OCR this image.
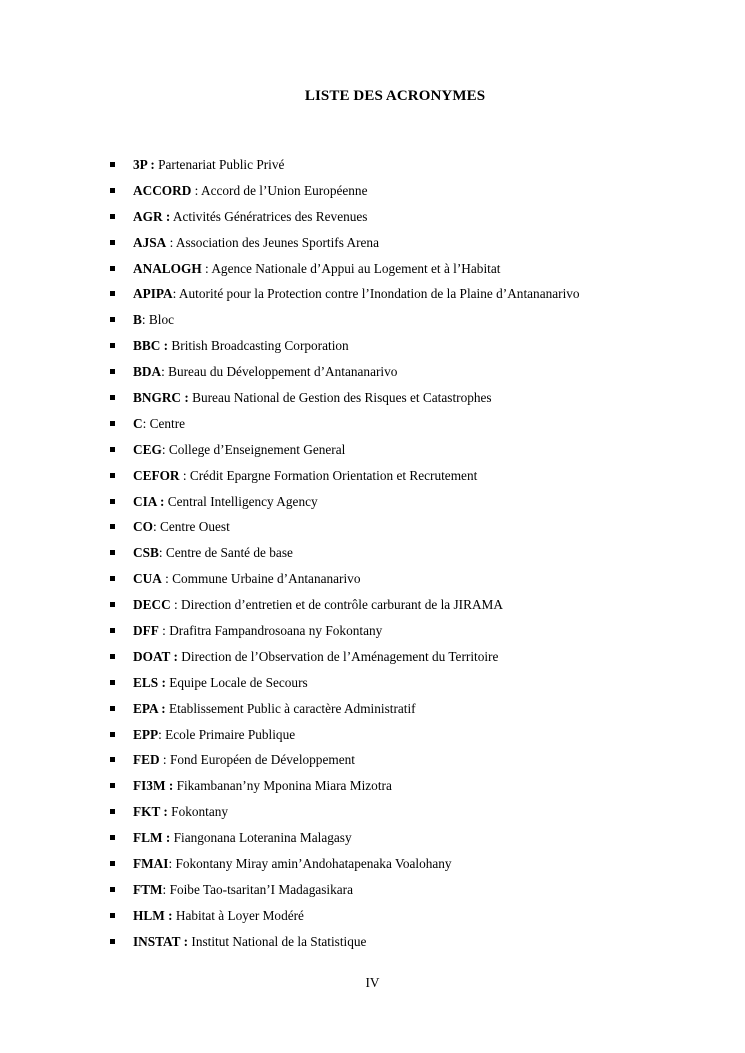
LISTE DES ACRONYMES
3P : Partenariat Public Privé
ACCORD : Accord de l’Union Européenne
AGR : Activités Génératrices des Revenues
AJSA : Association des Jeunes Sportifs Arena
ANALOGH : Agence Nationale d’Appui au Logement et à l’Habitat
APIPA: Autorité pour la Protection contre l’Inondation de la Plaine d’Antananarivo
B: Bloc
BBC : British Broadcasting Corporation
BDA: Bureau du Développement d’Antananarivo
BNGRC : Bureau National de Gestion des Risques et Catastrophes
C: Centre
CEG: College d’Enseignement General
CEFOR : Crédit Epargne Formation Orientation et Recrutement
CIA : Central Intelligency Agency
CO: Centre Ouest
CSB: Centre de Santé de base
CUA : Commune Urbaine d’Antananarivo
DECC : Direction d’entretien et de contrôle carburant de la JIRAMA
DFF : Drafitra Fampandrosoana ny Fokontany
DOAT : Direction de l’Observation de l’Aménagement du Territoire
ELS : Equipe Locale de Secours
EPA : Etablissement Public à caractère Administratif
EPP: Ecole Primaire Publique
FED : Fond Européen de Développement
FI3M : Fikambanan’ny Mponina Miara Mizotra
FKT : Fokontany
FLM : Fiangonana Loteranina Malagasy
FMAI: Fokontany Miray amin’Andohatapenaka Voalohany
FTM: Foibe Tao-tsaritan’I Madagasikara
HLM : Habitat à Loyer Modéré
INSTAT : Institut National de la Statistique
IV
